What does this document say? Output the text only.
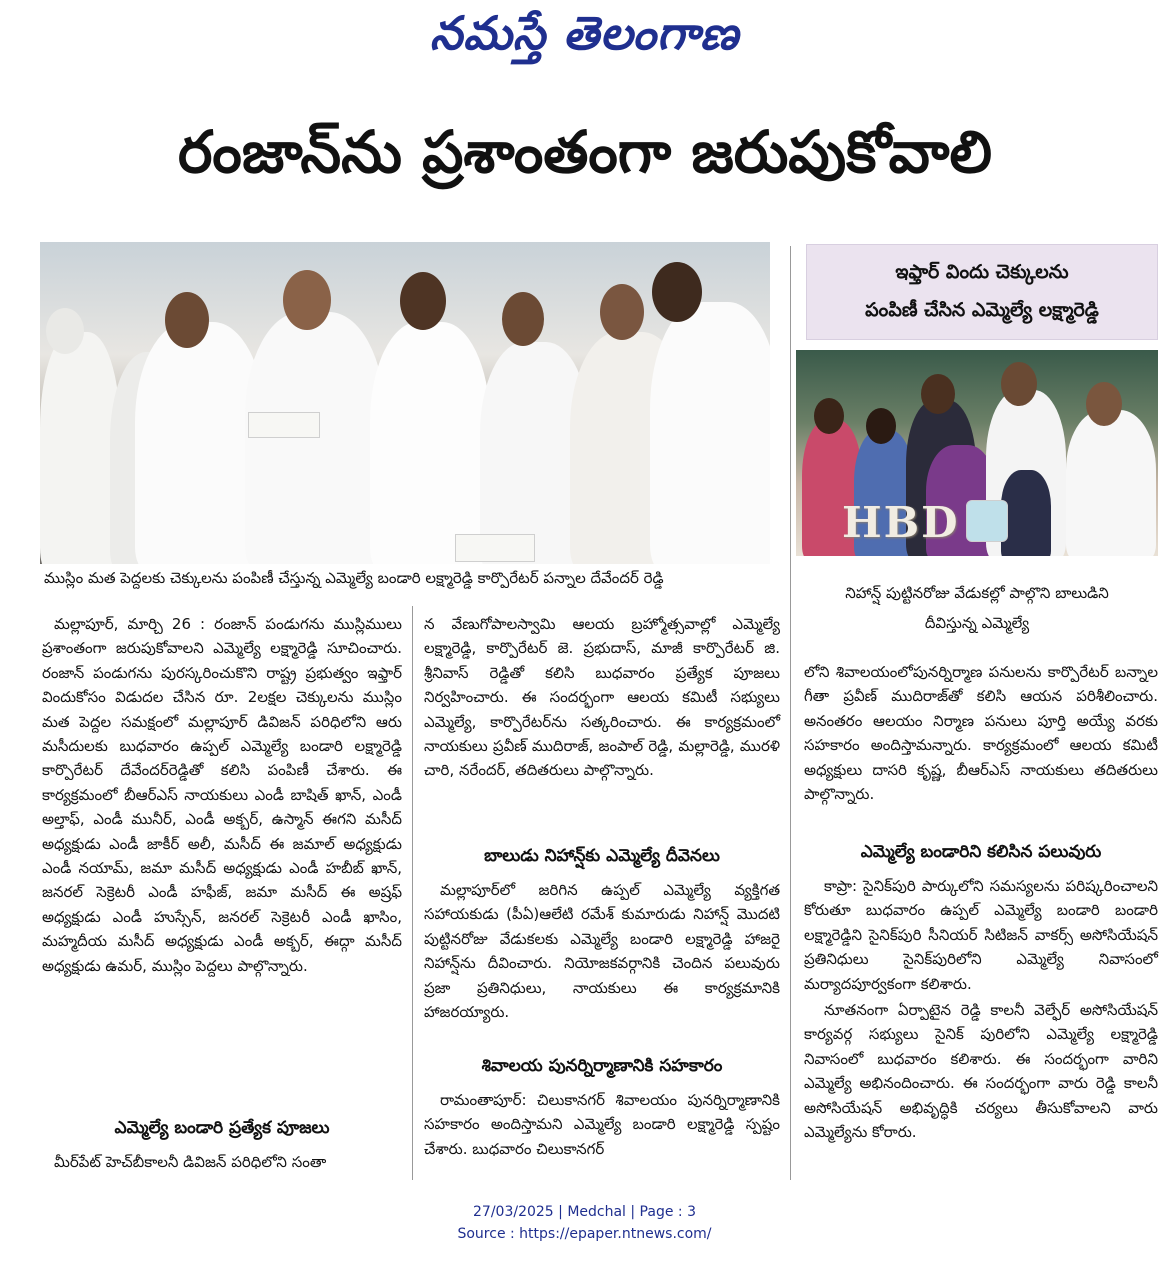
నమస్తే తెలంగాణ
రంజాన్‌ను ప్రశాంతంగా జరుపుకోవాలి
ముస్లిం మత పెద్దలకు చెక్కులను పంపిణీ చేస్తున్న ఎమ్మెల్యే బండారి లక్ష్మారెడ్డి కార్పొరేటర్ పన్నాల దేవేందర్ రెడ్డి
ఇఫ్తార్ విందు చెక్కులను
పంపిణీ చేసిన ఎమ్మెల్యే లక్ష్మారెడ్డి
HBD
నిహాన్ష్ పుట్టినరోజు వేడుకల్లో పాల్గొని బాలుడిని
దీవిస్తున్న ఎమ్మెల్యే

మల్లాపూర్, మార్చి 26 : రంజాన్ పండుగను ముస్లిములు ప్రశాంతంగా జరుపుకోవాలని ఎమ్మెల్యే లక్ష్మారెడ్డి సూచించారు. రంజాన్ పండుగను పురస్కరించుకొని రాష్ట్ర ప్రభుత్వం ఇఫ్తార్ విందుకోసం విడుదల చేసిన రూ. 2లక్షల చెక్కులను ముస్లిం మత పెద్దల సమక్షంలో మల్లాపూర్ డివిజన్ పరిధిలోని ఆరు మసీదులకు బుధవారం ఉప్పల్ ఎమ్మెల్యే బండారి లక్ష్మారెడ్డి కార్పొరేటర్ దేవేందర్‌రెడ్డితో కలిసి పంపిణీ చేశారు. ఈ కార్యక్రమంలో బీఆర్ఎస్ నాయకులు ఎండీ బాషిత్ ఖాన్, ఎండీ అల్తాఫ్, ఎండీ మునీర్, ఎండీ అక్బర్, ఉస్మాన్ ఈగని మసీద్ అధ్యక్షుడు ఎండీ జాకీర్ అలీ, మసీద్ ఈ జమాల్ అధ్యక్షుడు ఎండీ నయామ్, జమా మసీద్ అధ్యక్షుడు ఎండీ హబీబ్ ఖాన్, జనరల్ సెక్రెటరీ ఎండీ హఫీజ్, జమా మసీద్ ఈ అష్రఫ్ అధ్యక్షుడు ఎండీ హుస్సేన్, జనరల్ సెక్రెటరీ ఎండీ ఖాసిం, మహ్మదీయ మసీద్ అధ్యక్షుడు ఎండీ అక్బర్, ఈద్గా మసీద్ అధ్యక్షుడు ఉమర్, ముస్లిం పెద్దలు పాల్గొన్నారు.

ఎమ్మెల్యే బండారి ప్రత్యేక పూజలు

మీర్‌పేట్ హెచ్‌బీకాలనీ డివిజన్ పరిధిలోని సంతా

న వేణుగోపాలస్వామి ఆలయ బ్రహ్మోత్సవాల్లో ఎమ్మెల్యే లక్ష్మారెడ్డి, కార్పొరేటర్ జె. ప్రభుదాస్, మాజీ కార్పొరేటర్ జి. శ్రీనివాస్ రెడ్డితో కలిసి బుధవారం ప్రత్యేక పూజలు నిర్వహించారు. ఈ సందర్భంగా ఆలయ కమిటీ సభ్యులు ఎమ్మెల్యే, కార్పొరేటర్‌ను సత్కరించారు. ఈ కార్యక్రమంలో నాయకులు ప్రవీణ్ ముదిరాజ్, జంపాల్ రెడ్డి, మల్లారెడ్డి, మురళి చారి, నరేందర్, తదితరులు పాల్గొన్నారు.

బాలుడు నిహాన్ష్‌కు ఎమ్మెల్యే దీవెనలు

మల్లాపూర్‌లో జరిగిన ఉప్పల్ ఎమ్మెల్యే వ్యక్తిగత సహాయకుడు (పీఏ)ఆలేటి రమేశ్ కుమారుడు నిహాన్ష్ మొదటి పుట్టినరోజు వేడుకలకు ఎమ్మెల్యే బండారి లక్ష్మారెడ్డి హాజరై నిహాన్ష్‌ను దీవించారు. నియోజకవర్గానికి చెందిన పలువురు ప్రజా ప్రతినిధులు, నాయకులు ఈ కార్యక్రమానికి హాజరయ్యారు.

శివాలయ పునర్నిర్మాణానికి సహకారం

రామంతాపూర్: చిలుకానగర్ శివాలయం పునర్నిర్మాణానికి సహకారం అందిస్తామని ఎమ్మెల్యే బండారి లక్ష్మారెడ్డి స్పష్టం చేశారు. బుధవారం చిలుకానగర్

లోని శివాలయంలోపునర్నిర్మాణ పనులను కార్పొరేటర్ బన్నాల గీతా ప్రవీణ్ ముదిరాజ్‌తో కలిసి ఆయన పరిశీలించారు. అనంతరం ఆలయం నిర్మాణ పనులు పూర్తి అయ్యే వరకు సహకారం అందిస్తామన్నారు. కార్యక్రమంలో ఆలయ కమిటీ అధ్యక్షులు దాసరి కృష్ణ, బీఆర్ఎస్ నాయకులు తదితరులు పాల్గొన్నారు.

ఎమ్మెల్యే బండారిని కలిసిన పలువురు

కాప్రా: సైనిక్‌పురి పార్కులోని సమస్యలను పరిష్కరించాలని కోరుతూ బుధవారం ఉప్పల్ ఎమ్మెల్యే బండారి బండారి లక్ష్మారెడ్డిని సైనిక్‌పురి సీనియర్ సిటిజన్ వాకర్స్ అసోసియేషన్ ప్రతినిధులు సైనిక్‌పురిలోని ఎమ్మెల్యే నివాసంలో మర్యాదపూర్వకంగా కలిశారు.

నూతనంగా ఏర్పాటైన రెడ్డి కాలనీ వెల్ఫేర్ అసోసియేషన్ కార్యవర్గ సభ్యులు సైనిక్ పురిలోని ఎమ్మెల్యే లక్ష్మారెడ్డి నివాసంలో బుధవారం కలిశారు. ఈ సందర్భంగా వారిని ఎమ్మెల్యే అభినందించారు. ఈ సందర్భంగా వారు రెడ్డి కాలనీ అసోసియేషన్ అభివృద్ధికి చర్యలు తీసుకోవాలని వారు ఎమ్మెల్యేను కోరారు.

27/03/2025 | Medchal | Page : 3
Source : https://epaper.ntnews.com/
